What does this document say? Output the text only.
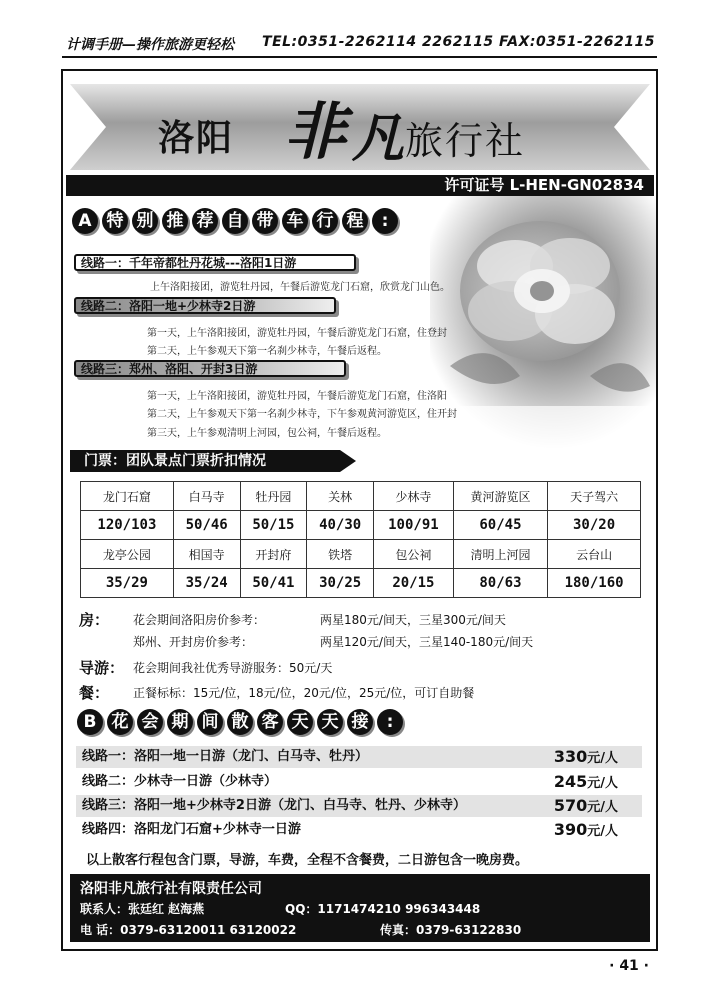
计调手册—操作旅游更轻松 TEL:0351-2262114 2262115 FAX:0351-2262115
洛阳 非 凡 旅行社
许可证号 L-HEN-GN02834
A 特 别 推 荐 自 带 车 行 程 :
线路一：千年帝都牡丹花城---洛阳1日游
上午洛阳接团，游览牡丹园，午餐后游览龙门石窟，欣赏龙门山色。
线路二：洛阳一地+少林寺2日游
第一天，上午洛阳接团，游览牡丹园，午餐后游览龙门石窟，住登封
第二天，上午参观天下第一名刹少林寺，午餐后返程。
线路三：郑州、洛阳、开封3日游
第一天，上午洛阳接团，游览牡丹园，午餐后游览龙门石窟，住洛阳
第二天，上午参观天下第一名刹少林寺，下午参观黄河游览区，住开封
第三天，上午参观清明上河园，包公祠，午餐后返程。
门票：团队景点门票折扣情况
龙门石窟	白马寺	牡丹园	关林	少林寺	黄河游览区	天子驾六
120/103	50/46	50/15	40/30	100/91	60/45	30/20
龙亭公园	相国寺	开封府	铁塔	包公祠	清明上河园	云台山
35/29	35/24	50/41	30/25	20/15	80/63	180/160
房： 花会期间洛阳房价参考：	两星180元/间天，三星300元/间天
郑州、开封房价参考：	两星120元/间天，三星140-180元/间天
导游： 花会期间我社优秀导游服务：50元/天
餐： 正餐标标：15元/位，18元/位，20元/位，25元/位，可订自助餐
B 花 会 期 间 散 客 天 天 接 :
线路一：洛阳一地一日游（龙门、白马寺、牡丹）	330元/人
线路二：少林寺一日游（少林寺）	245元/人
线路三：洛阳一地+少林寺2日游（龙门、白马寺、牡丹、少林寺）	570元/人
线路四：洛阳龙门石窟+少林寺一日游	390元/人
以上散客行程包含门票，导游，车费，全程不含餐费，二日游包含一晚房费。
洛阳非凡旅行社有限责任公司
联系人：张廷红 赵海燕	QQ：1171474210 996343448
电 话：0379-63120011 63120022	传真：0379-63122830
· 41 ·
